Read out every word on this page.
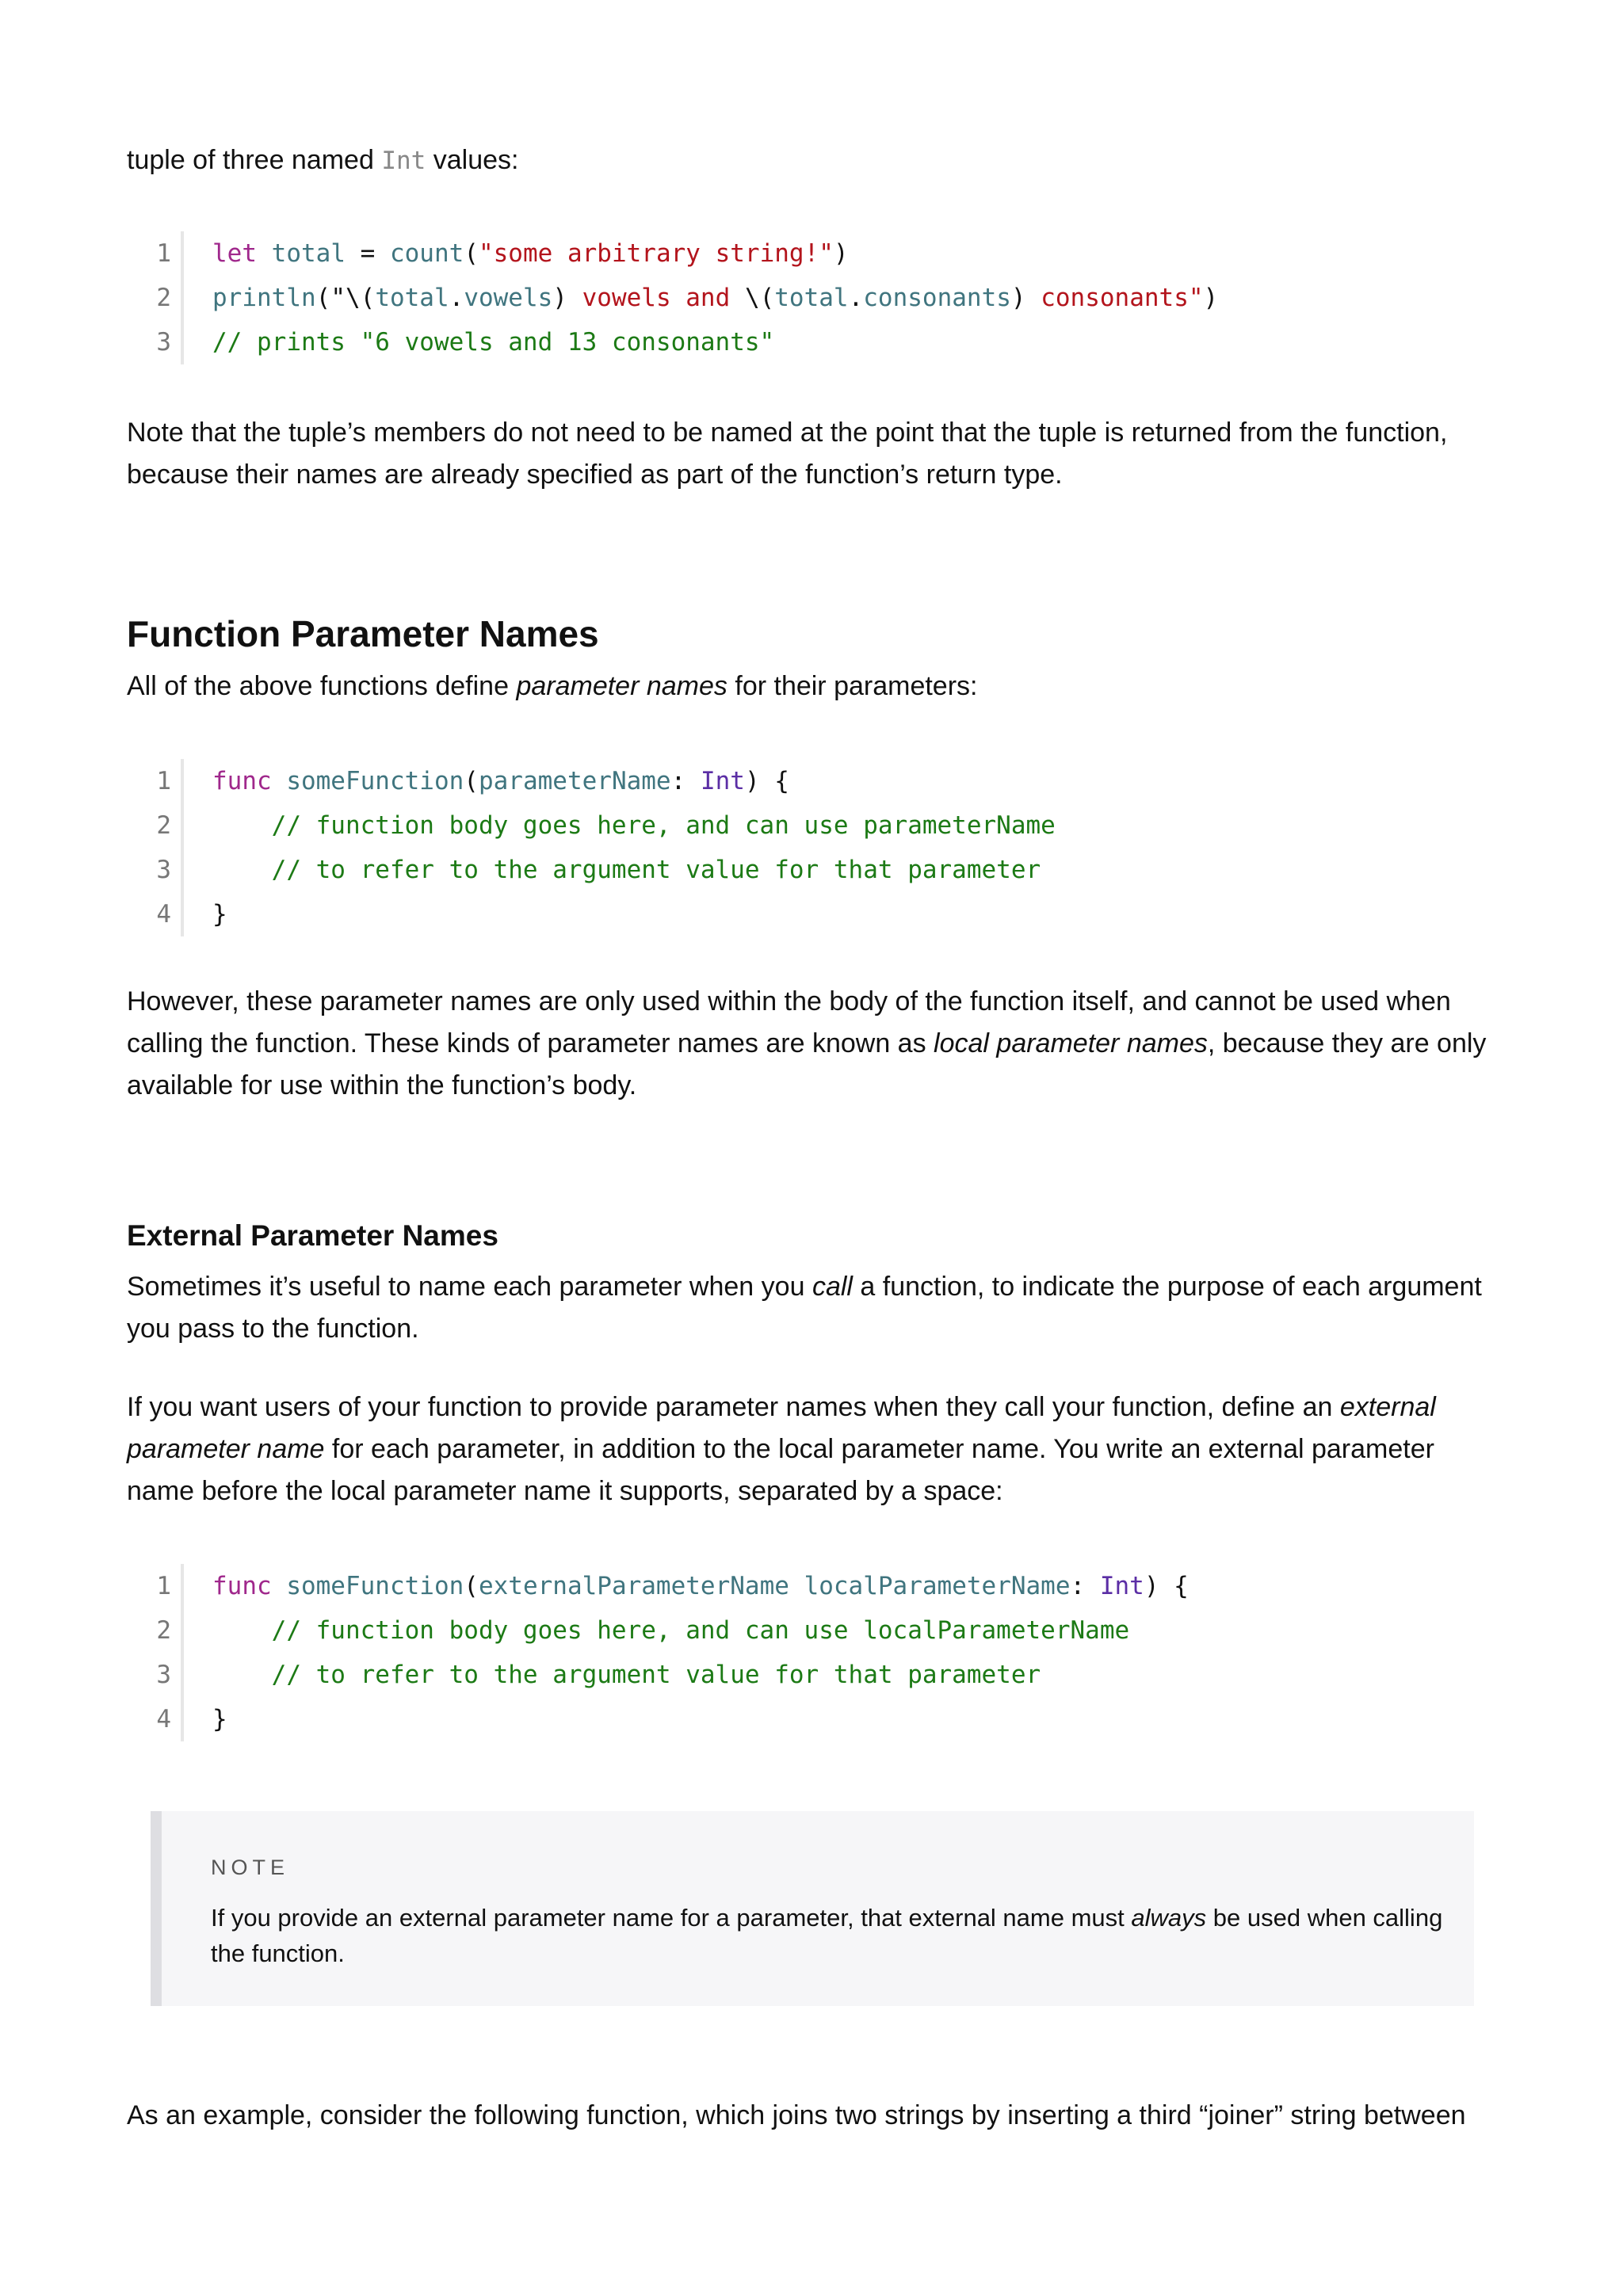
tuple of three named Int values:

1	let total = count("some arbitrary string!")
2	println("\(total.vowels) vowels and \(total.consonants) consonants")
3	// prints "6 vowels and 13 consonants"

Note that the tuple’s members do not need to be named at the point that the tuple is returned from the function, because their names are already specified as part of the function’s return type.

Function Parameter Names

All of the above functions define parameter names for their parameters:

1	func someFunction(parameterName: Int) {
2	// function body goes here, and can use parameterName
3	// to refer to the argument value for that parameter
4	}

However, these parameter names are only used within the body of the function itself, and cannot be used when calling the function. These kinds of parameter names are known as local parameter names, because they are only available for use within the function’s body.

External Parameter Names

Sometimes it’s useful to name each parameter when you call a function, to indicate the purpose of each argument you pass to the function.

If you want users of your function to provide parameter names when they call your function, define an external parameter name for each parameter, in addition to the local parameter name. You write an external parameter name before the local parameter name it supports, separated by a space:

1	func someFunction(externalParameterName localParameterName: Int) {
2	// function body goes here, and can use localParameterName
3	// to refer to the argument value for that parameter
4	}
NOTE

If you provide an external parameter name for a parameter, that external name must always be used when calling the function.

As an example, consider the following function, which joins two strings by inserting a third “joiner” string between
